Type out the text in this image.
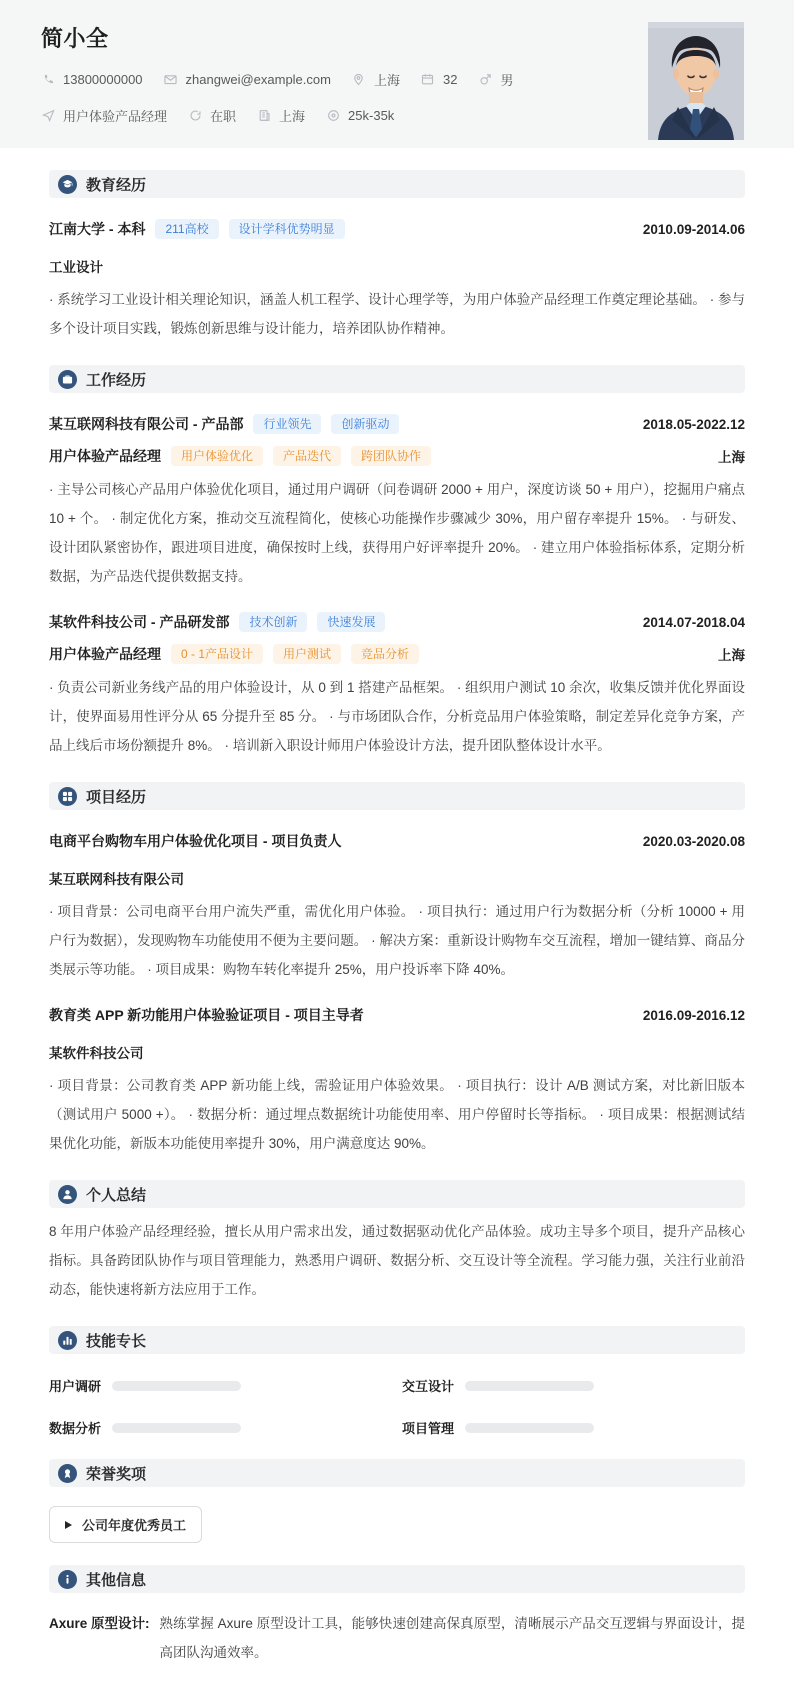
简小全
13800000000	zhangwei@example.com	上海	32	男
用户体验产品经理	在职	上海	25k-35k
教育经历
江南大学 - 本科	211高校	设计学科优势明显	2010.09-2014.06
工业设计

· 系统学习工业设计相关理论知识，涵盖人机工程学、设计心理学等，为用户体验产品经理工作奠定理论基础。 · 参与多个设计项目实践，锻炼创新思维与设计能力，培养团队协作精神。

工作经历
某互联网科技有限公司 - 产品部	行业领先	创新驱动	2018.05-2022.12
用户体验产品经理	用户体验优化	产品迭代	跨团队协作	上海

· 主导公司核心产品用户体验优化项目，通过用户调研（问卷调研 2000 + 用户，深度访谈 50 + 用户），挖掘用户痛点 10 + 个。 · 制定优化方案，推动交互流程简化，使核心功能操作步骤减少 30%，用户留存率提升 15%。 · 与研发、设计团队紧密协作，跟进项目进度，确保按时上线，获得用户好评率提升 20%。 · 建立用户体验指标体系，定期分析数据，为产品迭代提供数据支持。

某软件科技公司 - 产品研发部	技术创新	快速发展	2014.07-2018.04
用户体验产品经理	0 - 1产品设计	用户测试	竞品分析	上海

· 负责公司新业务线产品的用户体验设计，从 0 到 1 搭建产品框架。 · 组织用户测试 10 余次，收集反馈并优化界面设计，使界面易用性评分从 65 分提升至 85 分。 · 与市场团队合作，分析竞品用户体验策略，制定差异化竞争方案，产品上线后市场份额提升 8%。 · 培训新入职设计师用户体验设计方法，提升团队整体设计水平。

项目经历
电商平台购物车用户体验优化项目 - 项目负责人	2020.03-2020.08
某互联网科技有限公司

· 项目背景：公司电商平台用户流失严重，需优化用户体验。 · 项目执行：通过用户行为数据分析（分析 10000 + 用户行为数据），发现购物车功能使用不便为主要问题。 · 解决方案：重新设计购物车交互流程，增加一键结算、商品分类展示等功能。 · 项目成果：购物车转化率提升 25%，用户投诉率下降 40%。

教育类 APP 新功能用户体验验证项目 - 项目主导者	2016.09-2016.12
某软件科技公司

· 项目背景：公司教育类 APP 新功能上线，需验证用户体验效果。 · 项目执行：设计 A/B 测试方案，对比新旧版本（测试用户 5000 +）。 · 数据分析：通过埋点数据统计功能使用率、用户停留时长等指标。 · 项目成果：根据测试结果优化功能，新版本功能使用率提升 30%，用户满意度达 90%。

个人总结

8 年用户体验产品经理经验，擅长从用户需求出发，通过数据驱动优化产品体验。成功主导多个项目，提升产品核心指标。具备跨团队协作与项目管理能力，熟悉用户调研、数据分析、交互设计等全流程。学习能力强，关注行业前沿动态，能快速将新方法应用于工作。

技能专长
用户调研	交互设计
数据分析	项目管理
荣誉奖项
公司年度优秀员工
其他信息
Axure 原型设计: 熟练掌握 Axure 原型设计工具，能够快速创建高保真原型，清晰展示产品交互逻辑与界面设计，提高团队沟通效率。
